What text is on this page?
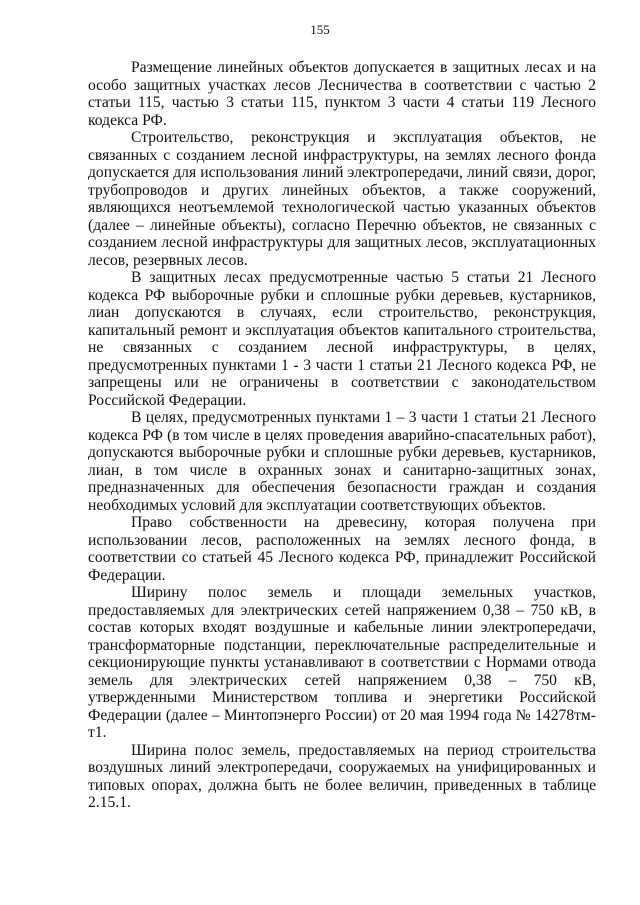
155

Размещение линейных объектов допускается в защитных лесах и на особо защитных участках лесов Лесничества в соответствии с частью 2 статьи 115, частью 3 статьи 115, пунктом 3 части 4 статьи 119 Лесного кодекса РФ.

Строительство, реконструкция и эксплуатация объектов, не связанных с созданием лесной инфраструктуры, на землях лесного фонда допускается для использования линий электропередачи, линий связи, дорог, трубопроводов и других линейных объектов, а также сооружений, являющихся неотъемлемой технологической частью указанных объектов (далее – линейные объекты), согласно Перечню объектов, не связанных с созданием лесной инфраструктуры для защитных лесов, эксплуатационных лесов, резервных лесов.

В защитных лесах предусмотренные частью 5 статьи 21 Лесного кодекса РФ выборочные рубки и сплошные рубки деревьев, кустарников, лиан допускаются в случаях, если строительство, реконструкция, капитальный ремонт и эксплуатация объектов капитального строительства, не связанных с созданием лесной инфраструктуры, в целях, предусмотренных пунктами 1 - 3 части 1 статьи 21 Лесного кодекса РФ, не запрещены или не ограничены в соответствии с законодательством Российской Федерации.

В целях, предусмотренных пунктами 1 – 3 части 1 статьи 21 Лесного кодекса РФ (в том числе в целях проведения аварийно-спасательных работ), допускаются выборочные рубки и сплошные рубки деревьев, кустарников, лиан, в том числе в охранных зонах и санитарно-защитных зонах, предназначенных для обеспечения безопасности граждан и создания необходимых условий для эксплуатации соответствующих объектов.

Право собственности на древесину, которая получена при использовании лесов, расположенных на землях лесного фонда, в соответствии со статьей 45 Лесного кодекса РФ, принадлежит Российской Федерации.

Ширину полос земель и площади земельных участков, предоставляемых для электрических сетей напряжением 0,38 – 750 кВ, в состав которых входят воздушные и кабельные линии электропередачи, трансформаторные подстанции, переключательные распределительные и секционирующие пункты устанавливают в соответствии с Нормами отвода земель для электрических сетей напряжением 0,38 – 750 кВ, утвержденными Министерством топлива и энергетики Российской Федерации (далее – Минтопэнерго России) от 20 мая 1994 года № 14278тм-т1.

Ширина полос земель, предоставляемых на период строительства воздушных линий электропередачи, сооружаемых на унифицированных и типовых опорах, должна быть не более величин, приведенных в таблице 2.15.1.
